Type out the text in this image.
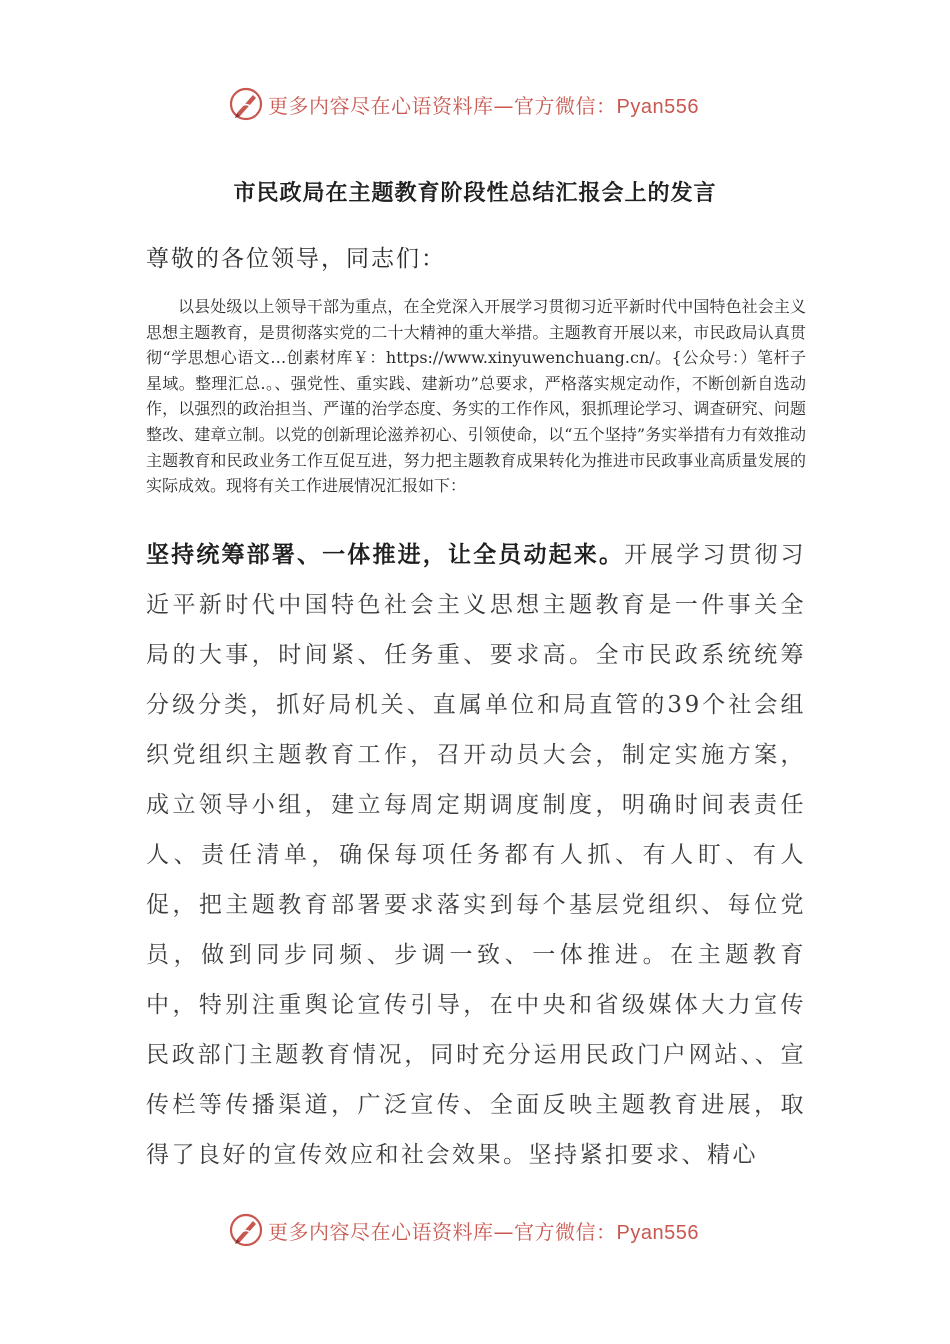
更多内容尽在心语资料库—官方微信：Pyan556
市民政局在主题教育阶段性总结汇报会上的发言
尊敬的各位领导，同志们：
以县处级以上领导干部为重点，在全党深入开展学习贯彻习近平新时代中国特色社会主义思想主题教育，是贯彻落实党的二十大精神的重大举措。主题教育开展以来，市民政局认真贯彻“学思想心语文…创素材库￥：https://www.xinyuwenchuang.cn/。{公众号：）笔杆子星域。整理汇总.。、强党性、重实践、建新功”总要求，严格落实规定动作，不断创新自选动作，以强烈的政治担当、严谨的治学态度、务实的工作作风，狠抓理论学习、调查研究、问题整改、建章立制。以党的创新理论滋养初心、引领使命，以“五个坚持”务实举措有力有效推动主题教育和民政业务工作互促互进，努力把主题教育成果转化为推进市民政事业高质量发展的实际成效。现将有关工作进展情况汇报如下：
坚持统筹部署、一体推进，让全员动起来。开展学习贯彻习近平新时代中国特色社会主义思想主题教育是一件事关全局的大事，时间紧、任务重、要求高。全市民政系统统筹分级分类，抓好局机关、直属单位和局直管的39个社会组织党组织主题教育工作，召开动员大会，制定实施方案，成立领导小组，建立每周定期调度制度，明确时间表责任人、责任清单，确保每项任务都有人抓、有人盯、有人促，把主题教育部署要求落实到每个基层党组织、每位党员，做到同步同频、步调一致、一体推进。在主题教育中，特别注重舆论宣传引导，在中央和省级媒体大力宣传民政部门主题教育情况，同时充分运用民政门户网站、、宣传栏等传播渠道，广泛宣传、全面反映主题教育进展，取得了良好的宣传效应和社会效果。坚持紧扣要求、精心
更多内容尽在心语资料库—官方微信：Pyan556
